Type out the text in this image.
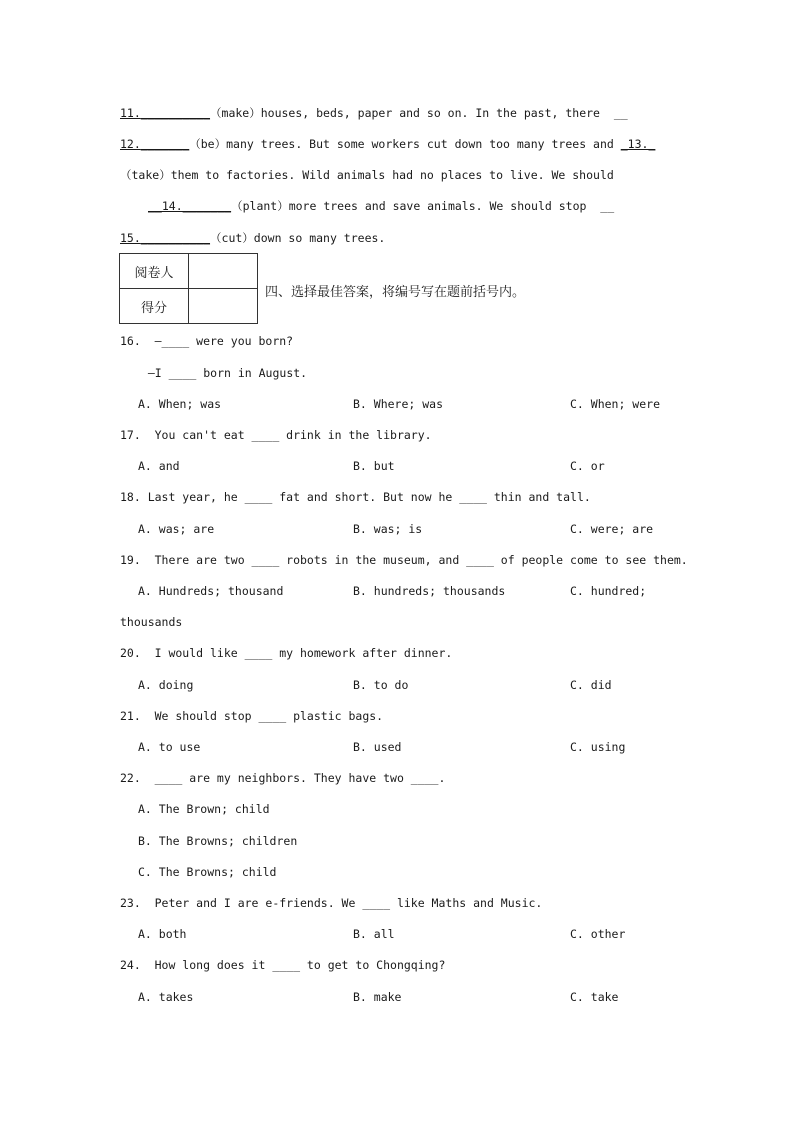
11.__________（make）houses, beds, paper and so on. In the past, there  __
12._______（be）many trees. But some workers cut down too many trees and _13._
（take）them to factories. Wild animals had no places to live. We should
__14._______（plant）more trees and save animals. We should stop  __
15.__________（cut）down so many trees.
阅卷人	
得分	
四、选择最佳答案，将编号写在题前括号内。
16.  —____ were you born?
—I ____ born in August.
A. When; was	B. Where; was	C. When; were
17.  You can't eat ____ drink in the library.
A. and	B. but	C. or
18. Last year, he ____ fat and short. But now he ____ thin and tall.
A. was; are	B. was; is	C. were; are
19.  There are two ____ robots in the museum, and ____ of people come to see them.
A. Hundreds; thousand	B. hundreds; thousands	C. hundred;
thousands
20.  I would like ____ my homework after dinner.
A. doing	B. to do	C. did
21.  We should stop ____ plastic bags.
A. to use	B. used	C. using
22.  ____ are my neighbors. They have two ____.
A. The Brown; child
B. The Browns; children
C. The Browns; child
23.  Peter and I are e-friends. We ____ like Maths and Music.
A. both	B. all	C. other
24.  How long does it ____ to get to Chongqing?
A. takes	B. make	C. take
